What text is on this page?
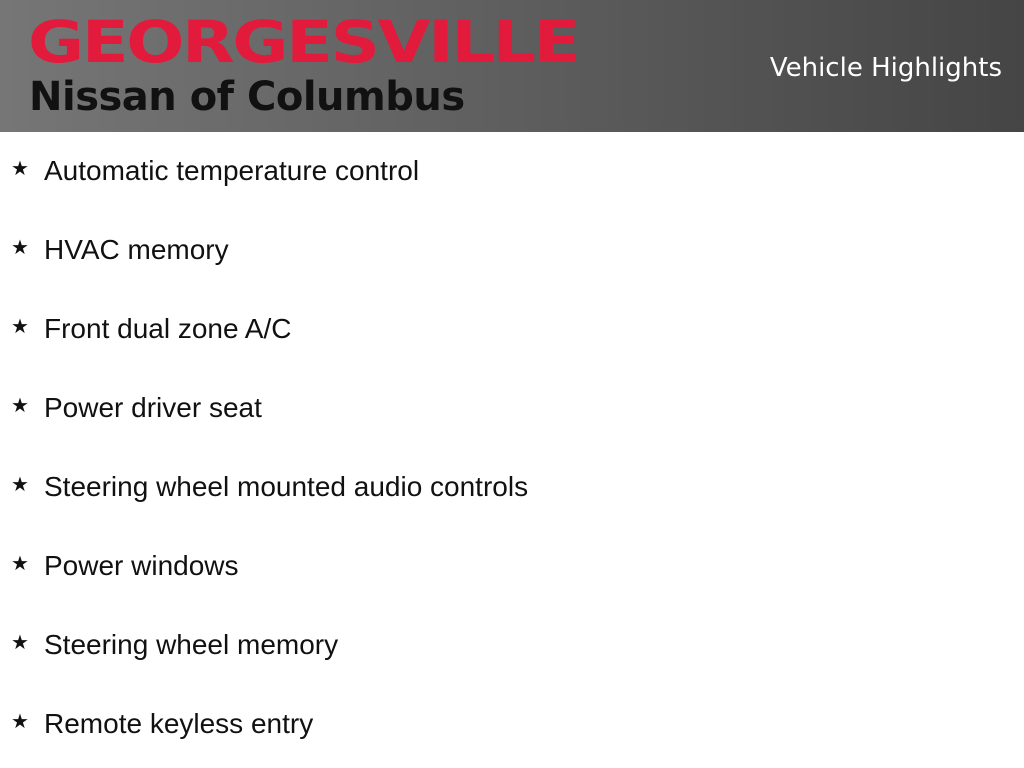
GEORGESVILLE
Nissan of Columbus
Vehicle Highlights
★ Automatic temperature control
★ HVAC memory
★ Front dual zone A/C
★ Power driver seat
★ Steering wheel mounted audio controls
★ Power windows
★ Steering wheel memory
★ Remote keyless entry
